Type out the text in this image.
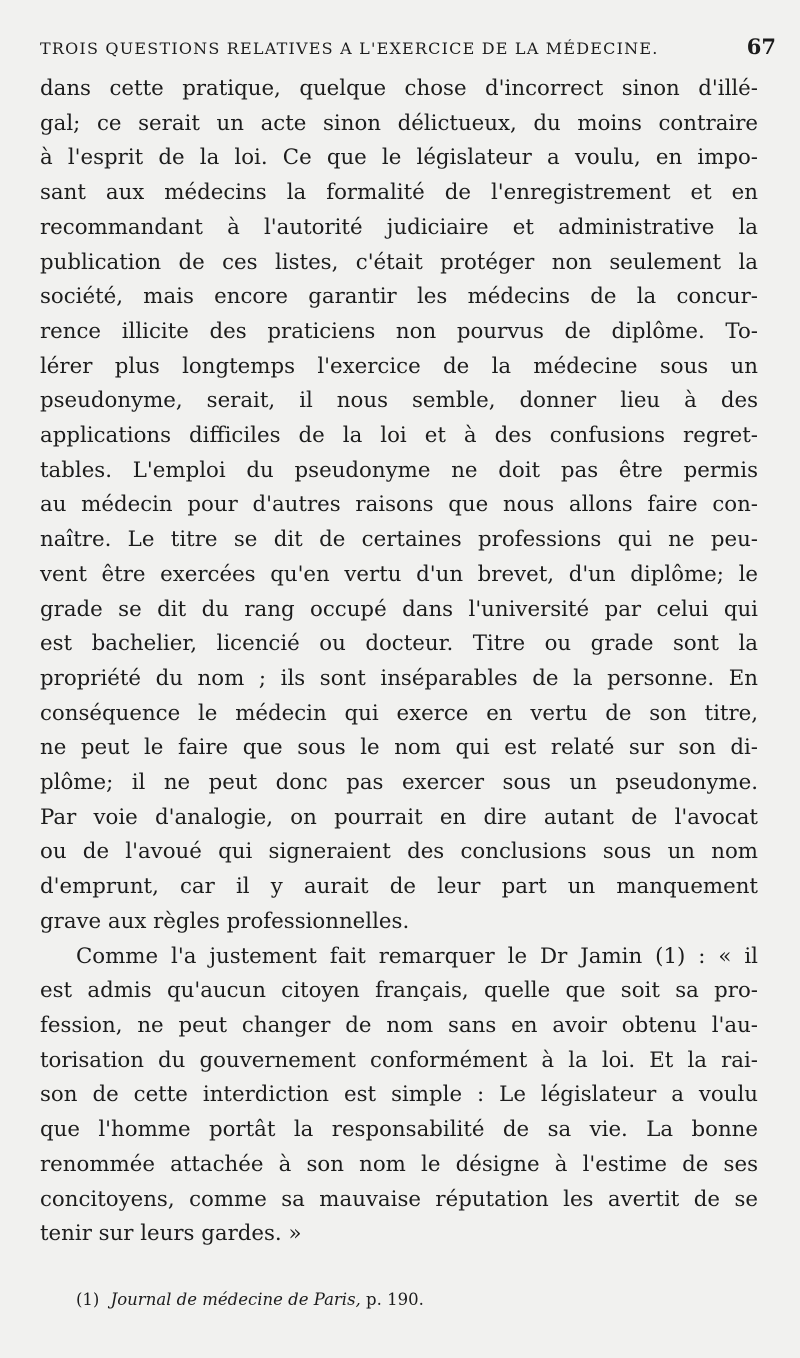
TROIS QUESTIONS RELATIVES A L'EXERCICE DE LA MÉDECINE.	67

dans cette pratique, quelque chose d'incorrect sinon d'illé-
gal; ce serait un acte sinon délictueux, du moins contraire
à l'esprit de la loi. Ce que le législateur a voulu, en impo-
sant aux médecins la formalité de l'enregistrement et en
recommandant à l'autorité judiciaire et administrative la
publication de ces listes, c'était protéger non seulement la
société, mais encore garantir les médecins de la concur-
rence illicite des praticiens non pourvus de diplôme. To-
lérer plus longtemps l'exercice de la médecine sous un
pseudonyme, serait, il nous semble, donner lieu à des
applications difficiles de la loi et à des confusions regret-
tables. L'emploi du pseudonyme ne doit pas être permis
au médecin pour d'autres raisons que nous allons faire con-
naître. Le titre se dit de certaines professions qui ne peu-
vent être exercées qu'en vertu d'un brevet, d'un diplôme; le
grade se dit du rang occupé dans l'université par celui qui
est bachelier, licencié ou docteur. Titre ou grade sont la
propriété du nom ; ils sont inséparables de la personne. En
conséquence le médecin qui exerce en vertu de son titre,
ne peut le faire que sous le nom qui est relaté sur son di-
plôme; il ne peut donc pas exercer sous un pseudonyme.
Par voie d'analogie, on pourrait en dire autant de l'avocat
ou de l'avoué qui signeraient des conclusions sous un nom
d'emprunt, car il y aurait de leur part un manquement
grave aux règles professionnelles.

Comme l'a justement fait remarquer le Dr Jamin (1) : « il
est admis qu'aucun citoyen français, quelle que soit sa pro-
fession, ne peut changer de nom sans en avoir obtenu l'au-
torisation du gouvernement conformément à la loi. Et la rai-
son de cette interdiction est simple : Le législateur a voulu
que l'homme portât la responsabilité de sa vie. La bonne
renommée attachée à son nom le désigne à l'estime de ses
concitoyens, comme sa mauvaise réputation les avertit de se
tenir sur leurs gardes. »

(1) Journal de médecine de Paris, p. 190.
